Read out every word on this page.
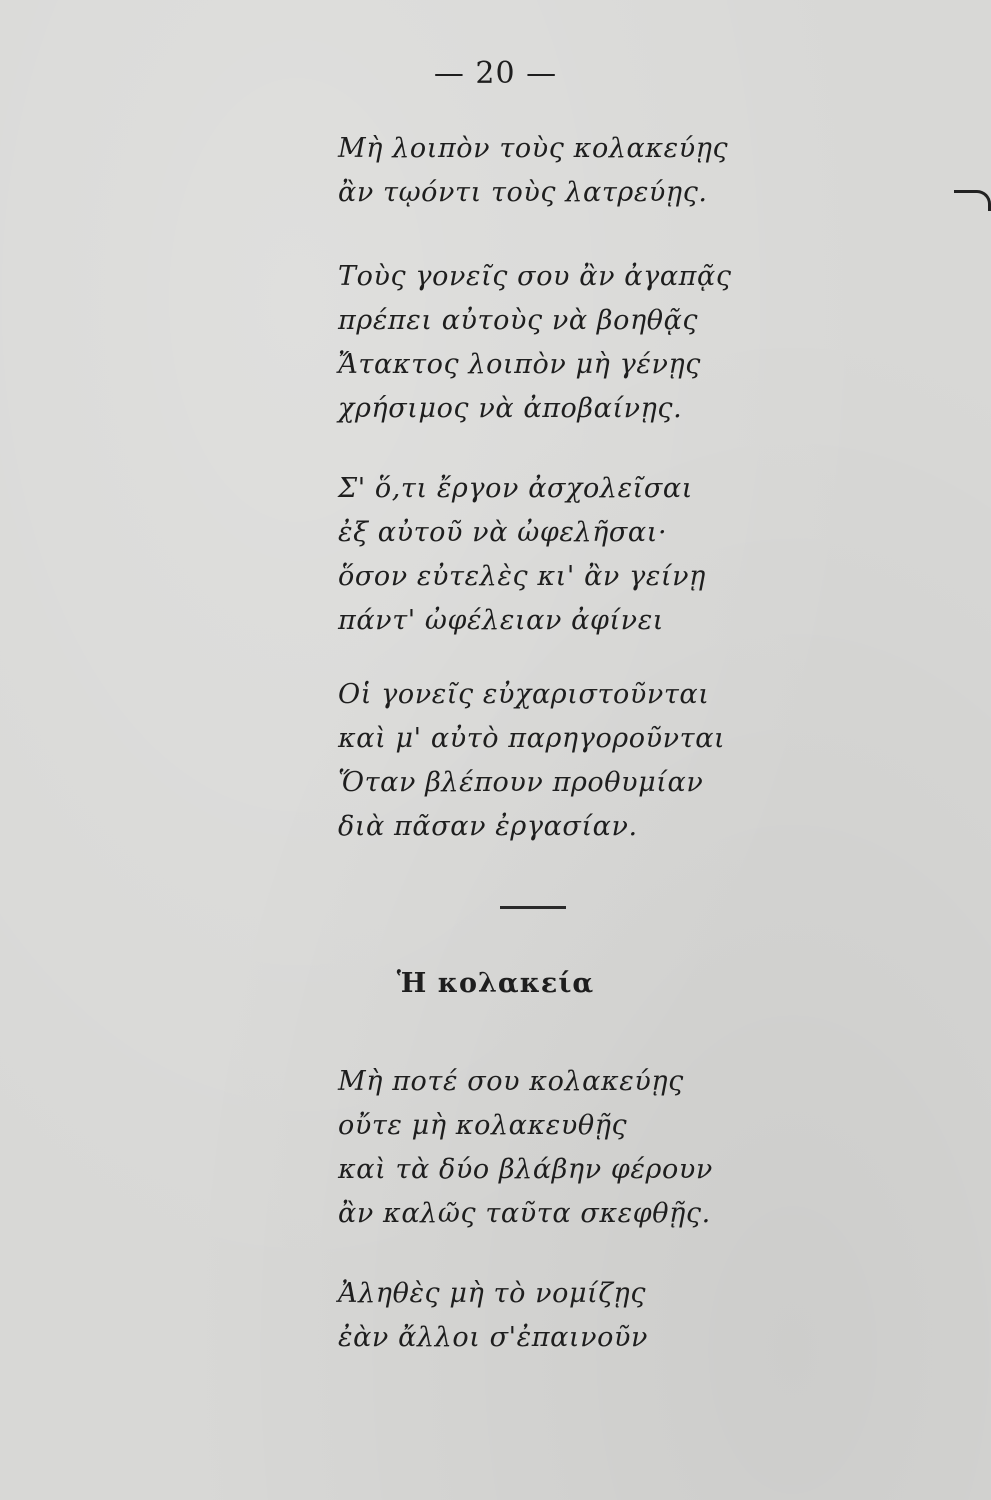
— 20 —
Μὴ λοιπὸν τοὺς κολακεύῃς
ἂν τῳόντι τοὺς λατρεύῃς.
Τοὺς γονεῖς σου ἂν ἀγαπᾷς
πρέπει αὐτοὺς νὰ βοηθᾷς
Ἄτακτος λοιπὸν μὴ γένῃς
χρήσιμος νὰ ἀποβαίνῃς.
Σ' ὅ,τι ἔργον ἀσχολεῖσαι
ἐξ αὐτοῦ νὰ ὠφελῆσαι·
ὅσον εὐτελὲς κι' ἂν γείνῃ
πάντ' ὠφέλειαν ἀφίνει
Οἱ γονεῖς εὐχαριστοῦνται
καὶ μ' αὐτὸ παρηγοροῦνται
Ὅταν βλέπουν προθυμίαν
διὰ πᾶσαν ἐργασίαν.
Ἡ κολακεία
Μὴ ποτέ σου κολακεύῃς
οὔτε μὴ κολακευθῇς
καὶ τὰ δύο βλάβην φέρουν
ἂν καλῶς ταῦτα σκεφθῇς.
Ἀληθὲς μὴ τὸ νομίζῃς
ἐὰν ἄλλοι σ'ἐπαινοῦν
